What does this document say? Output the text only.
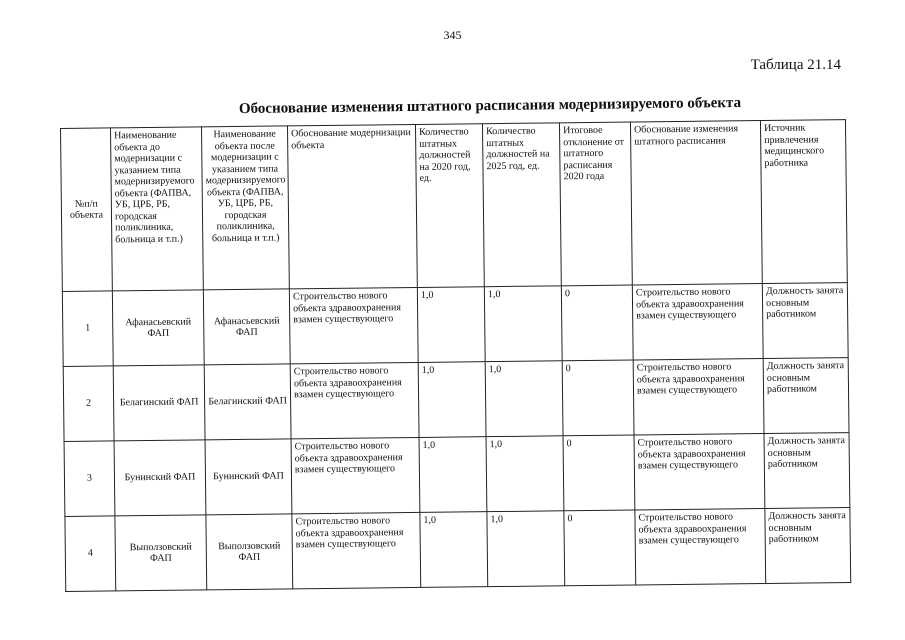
345
Таблица 21.14
Обоснование изменения штатного расписания модернизируемого объекта
№п/п объекта	Наименование объекта до модернизации с указанием типа модернизируемого объекта (ФАПВА, УБ, ЦРБ, РБ, городская поликлиника, больница и т.п.)	Наименование объекта после модернизации с указанием типа модернизируемого объекта (ФАПВА, УБ, ЦРБ, РБ, городская поликлиника, больница и т.п.)	Обоснование модернизации объекта	Количество штатных должностей на 2020 год, ед.	Количество штатных должностей на 2025 год, ед.	Итоговое отклонение от штатного расписания 2020 года	Обоснование изменения штатного расписания	Источник привлечения медицинского работника
1	Афанасьевский ФАП	Афанасьевский ФАП	Строительство нового объекта здравоохранения взамен существующего	1,0	1,0	0	Строительство нового объекта здравоохранения взамен существующего	Должность занята основным работником
2	Белагинский ФАП	Белагинский ФАП	Строительство нового объекта здравоохранения взамен существующего	1,0	1,0	0	Строительство нового объекта здравоохранения взамен существующего	Должность занята основным работником
3	Бунинский ФАП	Бунинский ФАП	Строительство нового объекта здравоохранения взамен существующего	1,0	1,0	0	Строительство нового объекта здравоохранения взамен существующего	Должность занята основным работником
4	Выползовский ФАП	Выползовский ФАП	Строительство нового объекта здравоохранения взамен существующего	1,0	1,0	0	Строительство нового объекта здравоохранения взамен существующего	Должность занята основным работником
